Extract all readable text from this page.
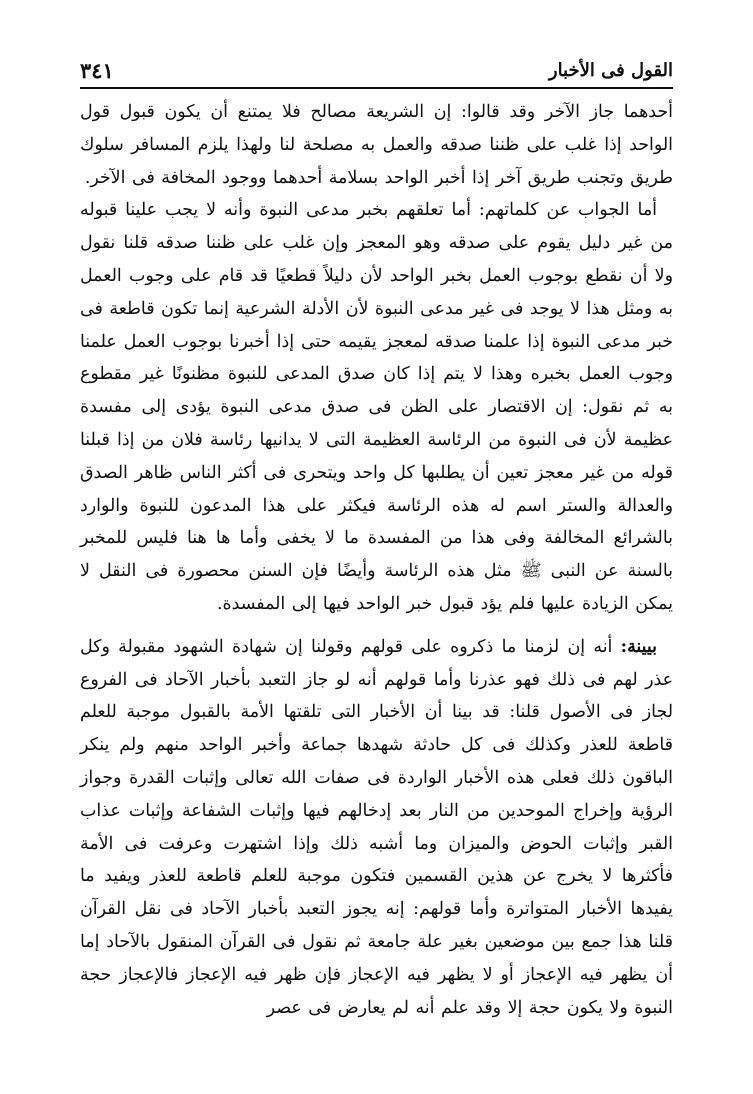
القول فى الأخبار
٣٤١

أحدهما جاز الآخر وقد قالوا: إن الشريعة مصالح فلا يمتنع أن يكون قبول قول الواحد إذا غلب على ظننا صدقه والعمل به مصلحة لنا ولهذا يلزم المسافر سلوك طريق وتجنب طريق آخر إذا أخبر الواحد بسلامة أحدهما ووجود المخافة فى الآخر.

أما الجواب عن كلماتهم: أما تعلقهم بخبر مدعى النبوة وأنه لا يجب علينا قبوله من غير دليل يقوم على صدقه وهو المعجز وإن غلب على ظننا صدقه قلنا نقول ولا أن نقطع بوجوب العمل بخبر الواحد لأن دليلاً قطعيًا قد قام على وجوب العمل به ومثل هذا لا يوجد فى غير مدعى النبوة لأن الأدلة الشرعية إنما تكون قاطعة فى خبر مدعى النبوة إذا علمنا صدقه لمعجز يقيمه حتى إذا أخبرنا بوجوب العمل علمنا وجوب العمل بخبره وهذا لا يتم إذا كان صدق المدعى للنبوة مظنونًا غير مقطوع به ثم نقول: إن الاقتصار على الظن فى صدق مدعى النبوة يؤدى إلى مفسدة عظيمة لأن فى النبوة من الرئاسة العظيمة التى لا يدانيها رئاسة فلان من إذا قبلنا قوله من غير معجز تعين أن يطلبها كل واحد ويتحرى فى أكثر الناس ظاهر الصدق والعدالة والستر اسم له هذه الرئاسة فيكثر على هذا المدعون للنبوة والوارد بالشرائع المخالفة وفى هذا من المفسدة ما لا يخفى وأما ها هنا فليس للمخبر بالسنة عن النبى ﷺ مثل هذه الرئاسة وأيضًا فإن السنن محصورة فى النقل لا يمكن الزيادة عليها فلم يؤد قبول خبر الواحد فيها إلى المفسدة.

بيينة: أنه إن لزمنا ما ذكروه على قولهم وقولنا إن شهادة الشهود مقبولة وكل عذر لهم فى ذلك فهو عذرنا وأما قولهم أنه لو جاز التعبد بأخبار الآحاد فى الفروع لجاز فى الأصول قلنا: قد بينا أن الأخبار التى تلقتها الأمة بالقبول موجبة للعلم قاطعة للعذر وكذلك فى كل حادثة شهدها جماعة وأخبر الواحد منهم ولم ينكر الباقون ذلك فعلى هذه الأخبار الواردة فى صفات الله تعالى وإثبات القدرة وجواز الرؤية وإخراج الموحدين من النار بعد إدخالهم فيها وإثبات الشفاعة وإثبات عذاب القبر وإثبات الحوض والميزان وما أشبه ذلك وإذا اشتهرت وعرفت فى الأمة فأكثرها لا يخرج عن هذين القسمين فتكون موجبة للعلم قاطعة للعذر ويفيد ما يفيدها الأخبار المتواترة وأما قولهم: إنه يجوز التعبد بأخبار الآحاد فى نقل القرآن قلنا هذا جمع بين موضعين بغير علة جامعة ثم نقول فى القرآن المنقول بالآحاد إما أن يظهر فيه الإعجاز أو لا يظهر فيه الإعجاز فإن ظهر فيه الإعجاز فالإعجاز حجة النبوة ولا يكون حجة إلا وقد علم أنه لم يعارض فى عصر
